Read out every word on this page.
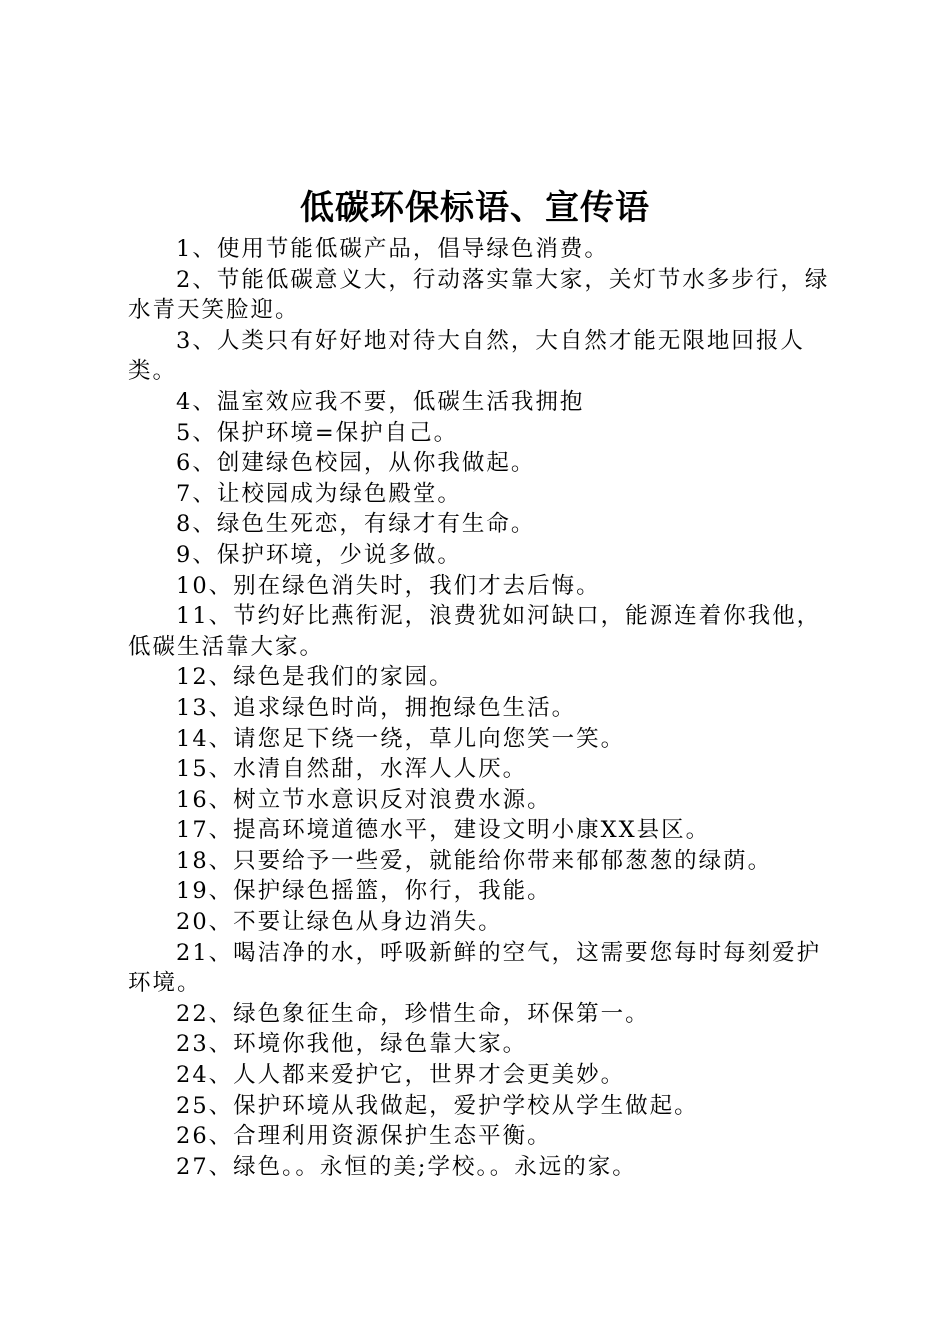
低碳环保标语、宣传语

1、使用节能低碳产品，倡导绿色消费。

2、节能低碳意义大，行动落实靠大家，关灯节水多步行，绿水青天笑脸迎。

3、人类只有好好地对待大自然，大自然才能无限地回报人类。

4、温室效应我不要，低碳生活我拥抱

5、保护环境=保护自己。

6、创建绿色校园，从你我做起。

7、让校园成为绿色殿堂。

8、绿色生死恋，有绿才有生命。

9、保护环境，少说多做。

10、别在绿色消失时，我们才去后悔。

11、节约好比燕衔泥，浪费犹如河缺口，能源连着你我他，低碳生活靠大家。

12、绿色是我们的家园。

13、追求绿色时尚，拥抱绿色生活。

14、请您足下绕一绕，草儿向您笑一笑。

15、水清自然甜，水浑人人厌。

16、树立节水意识反对浪费水源。

17、提高环境道德水平，建设文明小康XX县区。

18、只要给予一些爱，就能给你带来郁郁葱葱的绿荫。

19、保护绿色摇篮，你行，我能。

20、不要让绿色从身边消失。

21、喝洁净的水，呼吸新鲜的空气，这需要您每时每刻爱护环境。

22、绿色象征生命，珍惜生命，环保第一。

23、环境你我他，绿色靠大家。

24、人人都来爱护它，世界才会更美妙。

25、保护环境从我做起，爱护学校从学生做起。

26、合理利用资源保护生态平衡。

27、绿色。。永恒的美;学校。。永远的家。
